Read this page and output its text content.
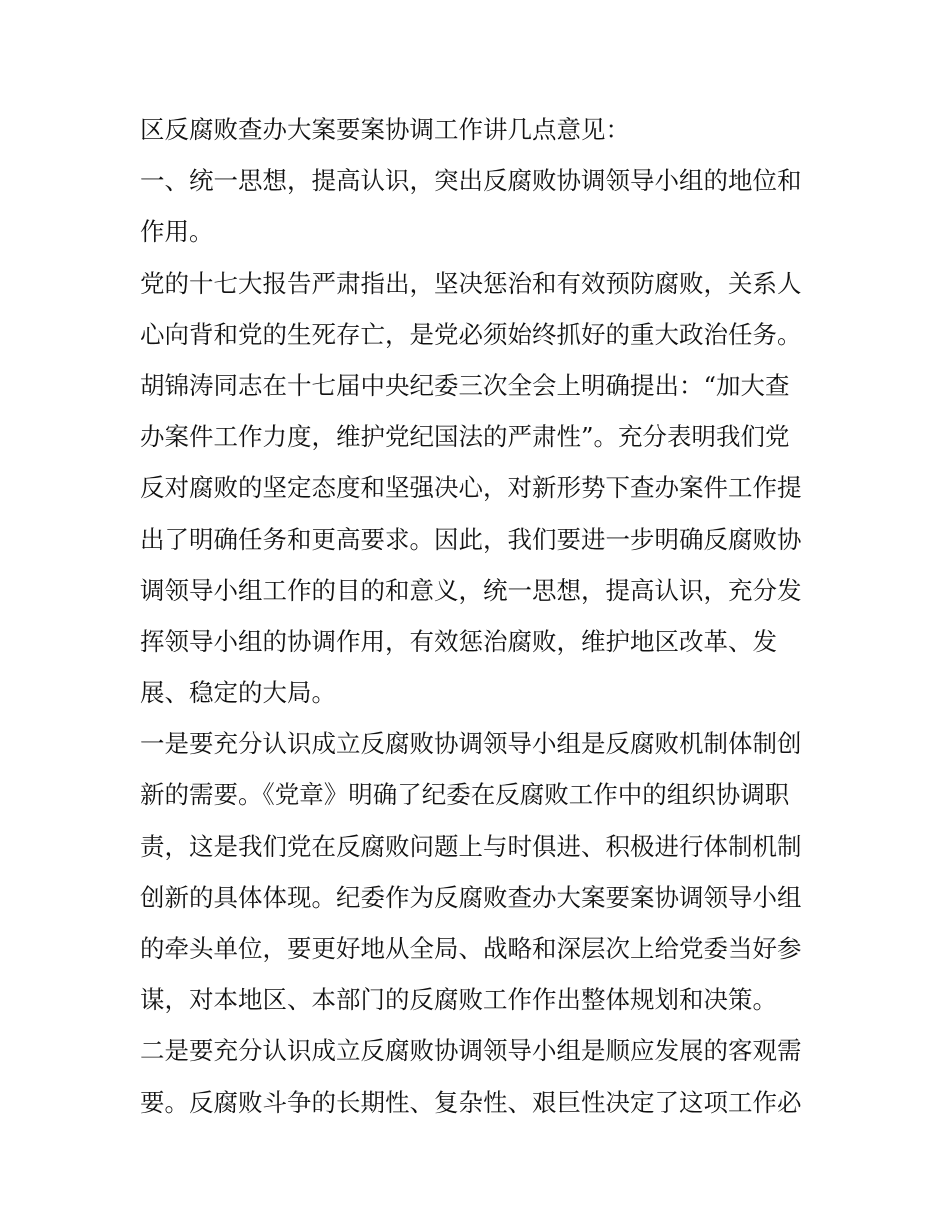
区反腐败查办大案要案协调工作讲几点意见：
一、统一思想，提高认识，突出反腐败协调领导小组的地位和
作用。
党的十七大报告严肃指出，坚决惩治和有效预防腐败，关系人
心向背和党的生死存亡，是党必须始终抓好的重大政治任务。
胡锦涛同志在十七届中央纪委三次全会上明确提出：“加大查
办案件工作力度，维护党纪国法的严肃性”。充分表明我们党
反对腐败的坚定态度和坚强决心，对新形势下查办案件工作提
出了明确任务和更高要求。因此，我们要进一步明确反腐败协
调领导小组工作的目的和意义，统一思想，提高认识，充分发
挥领导小组的协调作用，有效惩治腐败，维护地区改革、发
展、稳定的大局。
一是要充分认识成立反腐败协调领导小组是反腐败机制体制创
新的需要。《党章》明确了纪委在反腐败工作中的组织协调职
责，这是我们党在反腐败问题上与时俱进、积极进行体制机制
创新的具体体现。纪委作为反腐败查办大案要案协调领导小组
的牵头单位，要更好地从全局、战略和深层次上给党委当好参
谋，对本地区、本部门的反腐败工作作出整体规划和决策。
二是要充分认识成立反腐败协调领导小组是顺应发展的客观需
要。反腐败斗争的长期性、复杂性、艰巨性决定了这项工作必
